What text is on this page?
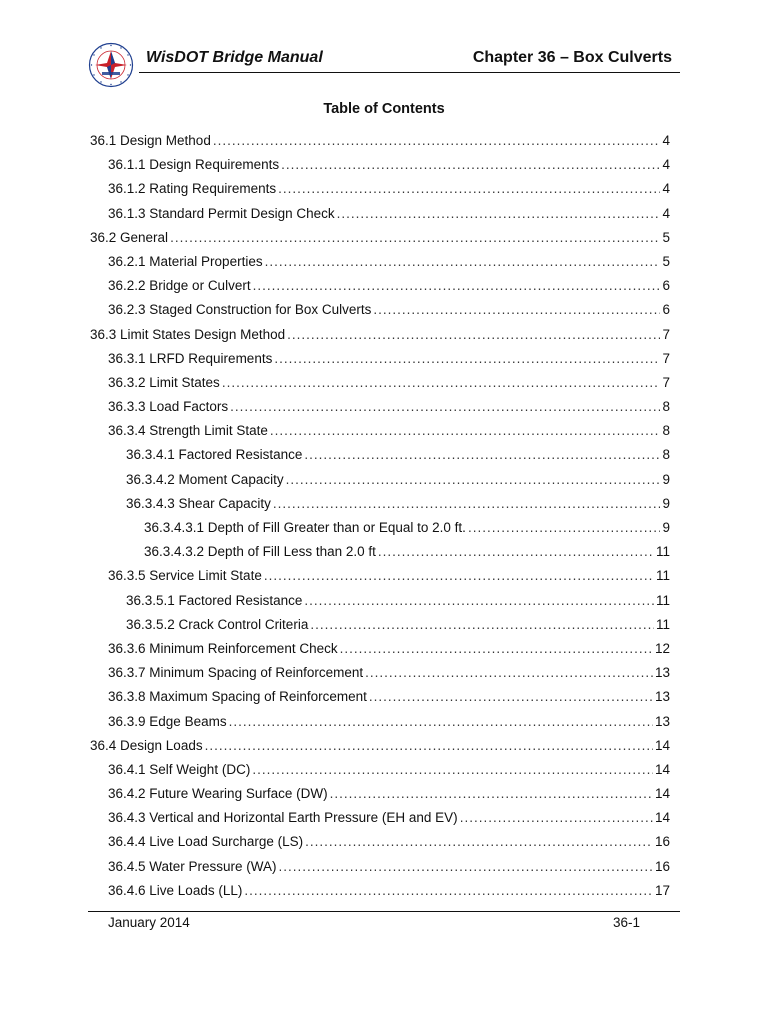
WisDOT Bridge Manual	Chapter 36 – Box Culverts
Table of Contents
36.1 Design Method .....	4
36.1.1 Design Requirements .....	4
36.1.2 Rating Requirements .....	4
36.1.3 Standard Permit Design Check .....	4
36.2 General .....	5
36.2.1 Material Properties .....	5
36.2.2 Bridge or Culvert .....	6
36.2.3 Staged Construction for Box Culverts .....	6
36.3 Limit States Design Method .....	7
36.3.1 LRFD Requirements .....	7
36.3.2 Limit States .....	7
36.3.3 Load Factors .....	8
36.3.4 Strength Limit State .....	8
36.3.4.1 Factored Resistance .....	8
36.3.4.2 Moment Capacity .....	9
36.3.4.3 Shear Capacity .....	9
36.3.4.3.1 Depth of Fill Greater than or Equal to 2.0 ft. .....	9
36.3.4.3.2 Depth of Fill Less than 2.0 ft .....	11
36.3.5 Service Limit State .....	11
36.3.5.1 Factored Resistance .....	11
36.3.5.2 Crack Control Criteria .....	11
36.3.6 Minimum Reinforcement Check .....	12
36.3.7 Minimum Spacing of Reinforcement .....	13
36.3.8 Maximum Spacing of Reinforcement .....	13
36.3.9 Edge Beams .....	13
36.4 Design Loads .....	14
36.4.1 Self Weight (DC) .....	14
36.4.2 Future Wearing Surface (DW) .....	14
36.4.3 Vertical and Horizontal Earth Pressure (EH and EV) .....	14
36.4.4 Live Load Surcharge (LS) .....	16
36.4.5 Water Pressure (WA) .....	16
36.4.6 Live Loads (LL) .....	17
January 2014	36-1
